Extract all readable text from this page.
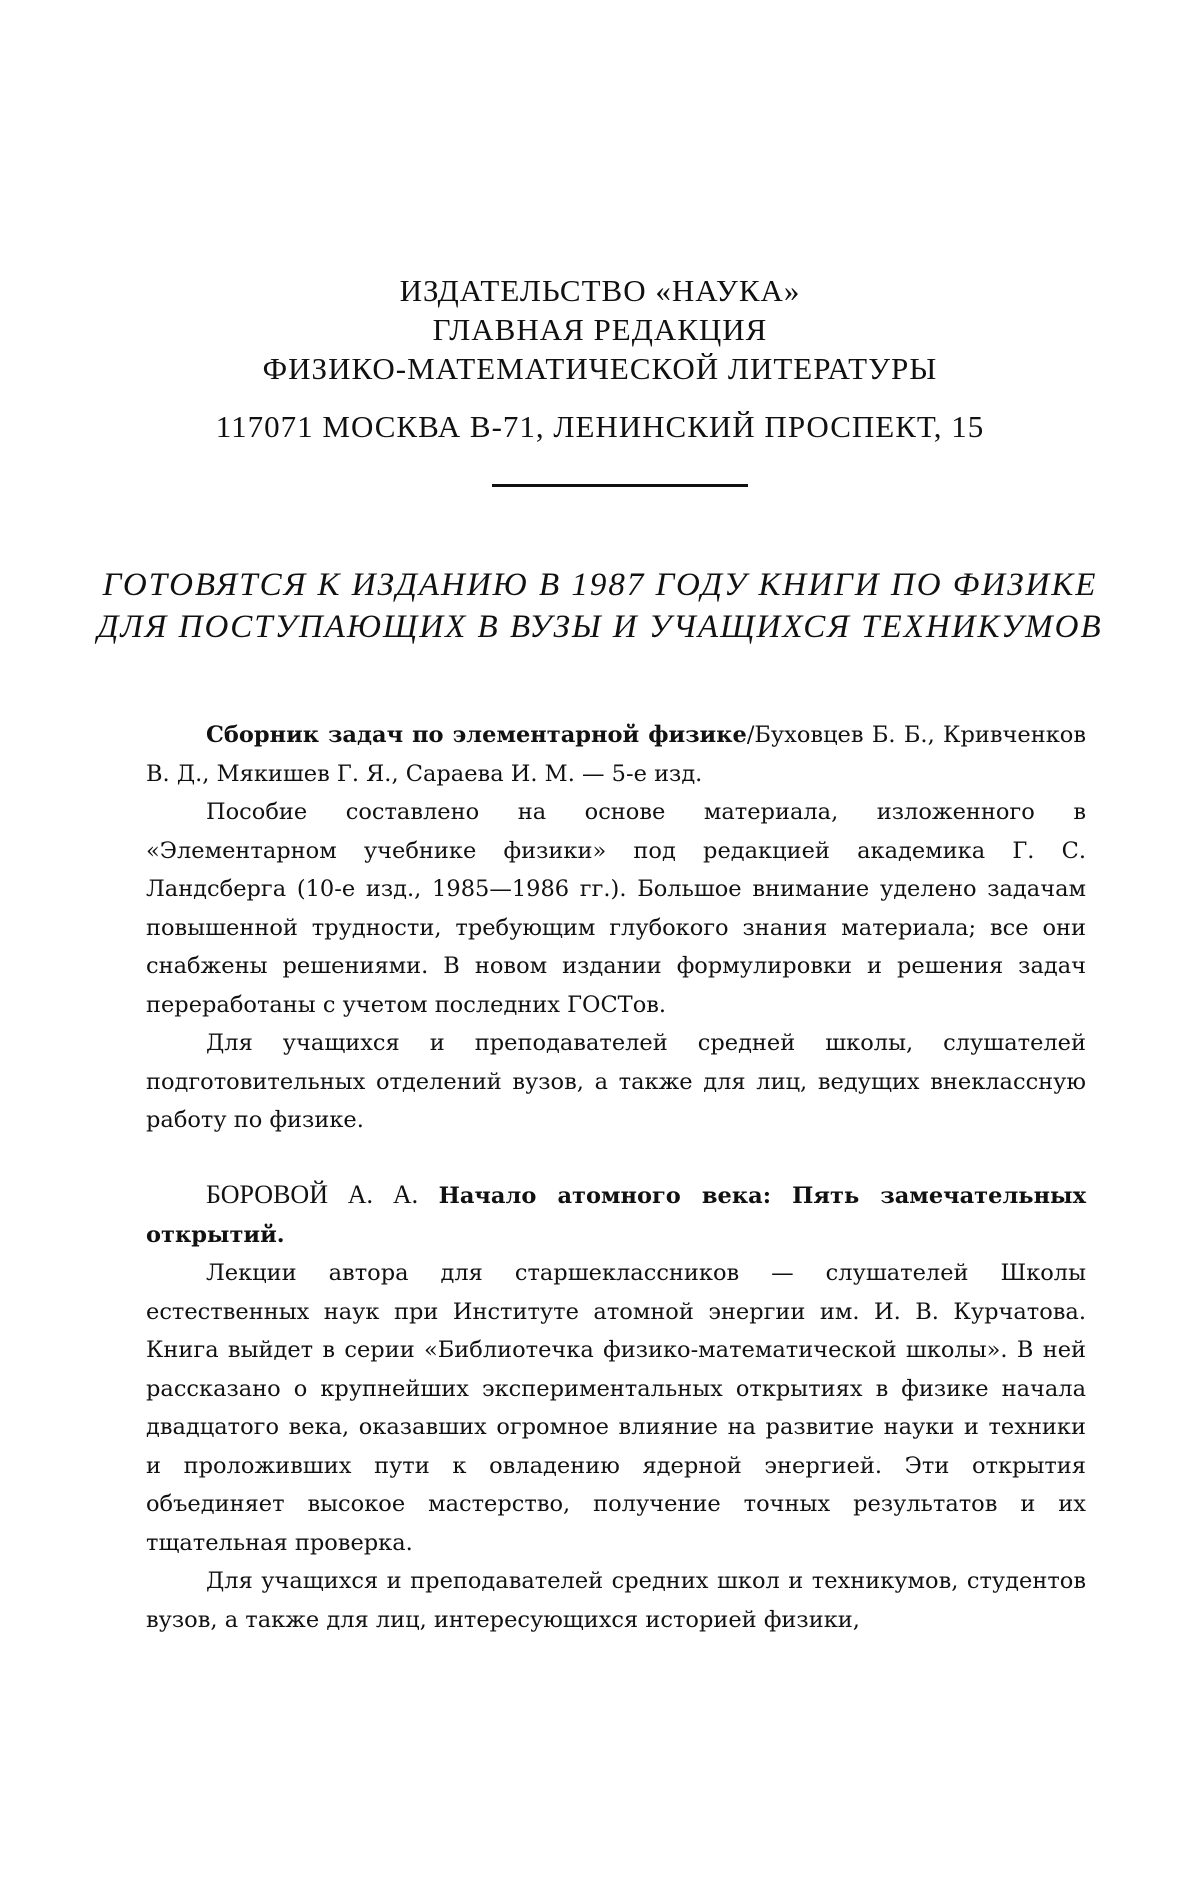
ИЗДАТЕЛЬСТВО «НАУКА»
ГЛАВНАЯ РЕДАКЦИЯ
ФИЗИКО-МАТЕМАТИЧЕСКОЙ ЛИТЕРАТУРЫ
117071 МОСКВА В-71, ЛЕНИНСКИЙ ПРОСПЕКТ, 15
ГОТОВЯТСЯ К ИЗДАНИЮ В 1987 ГОДУ КНИГИ ПО ФИЗИКЕ
ДЛЯ ПОСТУПАЮЩИХ В ВУЗЫ И УЧАЩИХСЯ ТЕХНИКУМОВ

Сборник задач по элементарной физике/Буховцев Б. Б., Кривченков В. Д., Мякишев Г. Я., Сараева И. М. — 5-е изд.

Пособие составлено на основе материала, изложенного в «Элементарном учебнике физики» под редакцией академика Г. С. Ландсберга (10-е изд., 1985—1986 гг.). Большое внимание уделено задачам повышенной трудности, требующим глубокого знания материала; все они снабжены решениями. В новом издании формулировки и решения задач переработаны с учетом последних ГОСТов.

Для учащихся и преподавателей средней школы, слушателей подготовительных отделений вузов, а также для лиц, ведущих внеклассную работу по физике.

БОРОВОЙ А. А. Начало атомного века: Пять замечательных открытий.

Лекции автора для старшеклассников — слушателей Школы естественных наук при Институте атомной энергии им. И. В. Курчатова. Книга выйдет в серии «Библиотечка физико-математической школы». В ней рассказано о крупнейших экспериментальных открытиях в физике начала двадцатого века, оказавших огромное влияние на развитие науки и техники и проложивших пути к овладению ядерной энергией. Эти открытия объединяет высокое мастерство, получение точных результатов и их тщательная проверка.

Для учащихся и преподавателей средних школ и техникумов, студентов вузов, а также для лиц, интересующихся историей физики,
